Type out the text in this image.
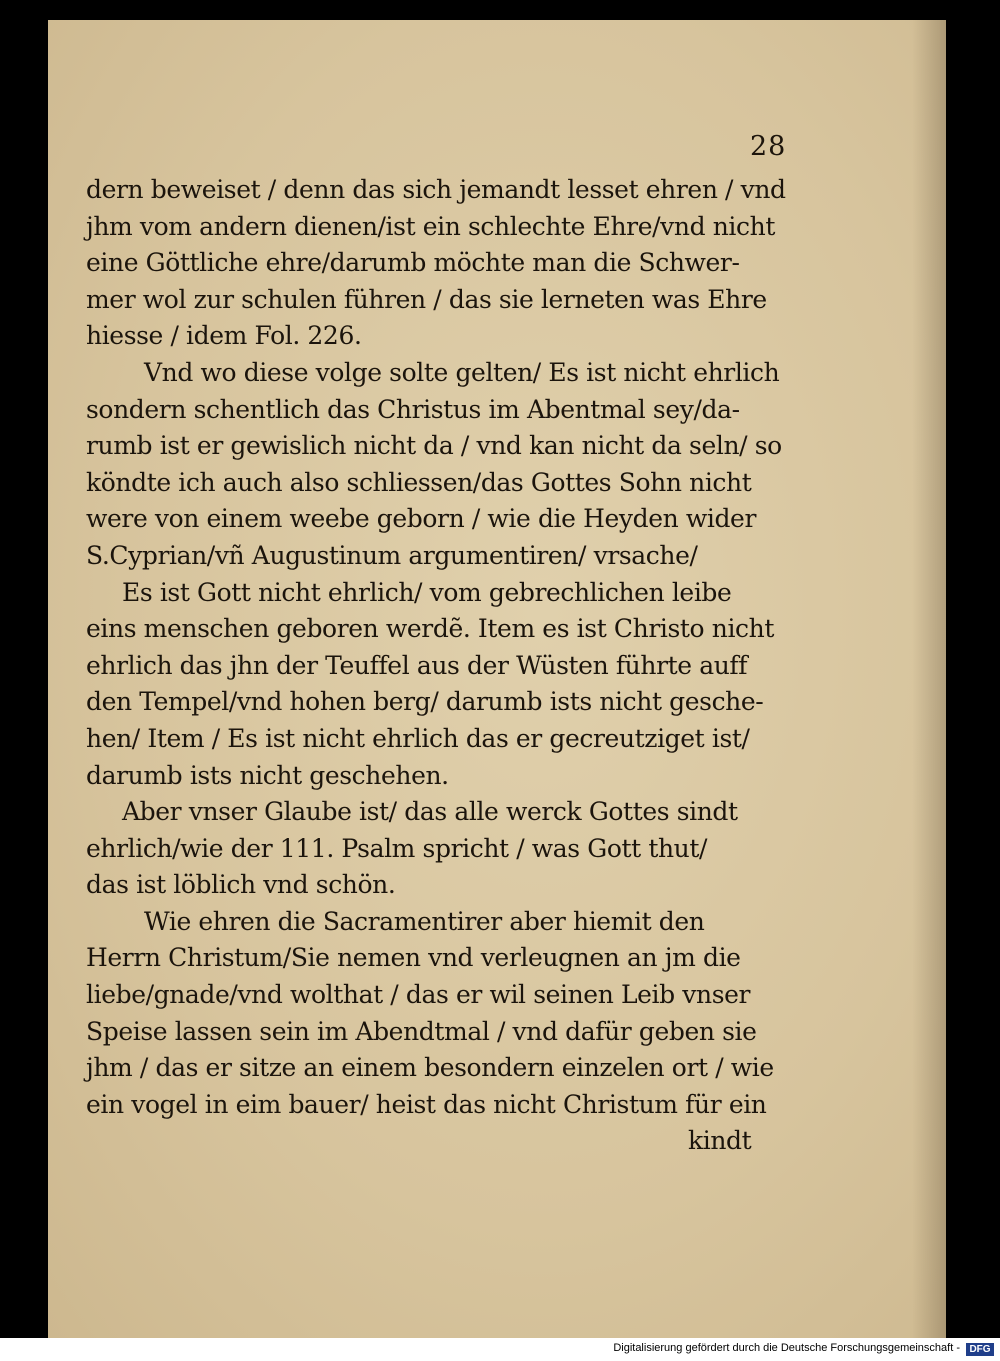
28
dern beweiset / denn das sich jemandt lesset ehren / vnd
jhm vom andern dienen/ist ein schlechte Ehre/vnd nicht
eine Göttliche ehre/darumb möchte man die Schwer-
mer wol zur schulen führen / das sie lerneten was Ehre
hiesse / idem Fol. 226.
Vnd wo diese volge solte gelten/ Es ist nicht ehrlich
sondern schentlich das Christus im Abentmal sey/da-
rumb ist er gewislich nicht da / vnd kan nicht da seln/ so
köndte ich auch also schliessen/das Gottes Sohn nicht
were von einem weebe geborn / wie die Heyden wider
S.Cyprian/vñ Augustinum argumentiren/ vrsache/
Es ist Gott nicht ehrlich/ vom gebrechlichen leibe
eins menschen geboren werdẽ. Item es ist Christo nicht
ehrlich das jhn der Teuffel aus der Wüsten führte auff
den Tempel/vnd hohen berg/ darumb ists nicht gesche-
hen/ Item / Es ist nicht ehrlich das er gecreutziget ist/
darumb ists nicht geschehen.
Aber vnser Glaube ist/ das alle werck Gottes sindt
ehrlich/wie der 111. Psalm spricht / was Gott thut/
das ist löblich vnd schön.
Wie ehren die Sacramentirer aber hiemit den
Herrn Christum/Sie nemen vnd verleugnen an jm die
liebe/gnade/vnd wolthat / das er wil seinen Leib vnser
Speise lassen sein im Abendtmal / vnd dafür geben sie
jhm / das er sitze an einem besondern einzelen ort / wie
ein vogel in eim bauer/ heist das nicht Christum für ein
kindt
Digitalisierung gefördert durch die Deutsche Forschungsgemeinschaft - DFG
